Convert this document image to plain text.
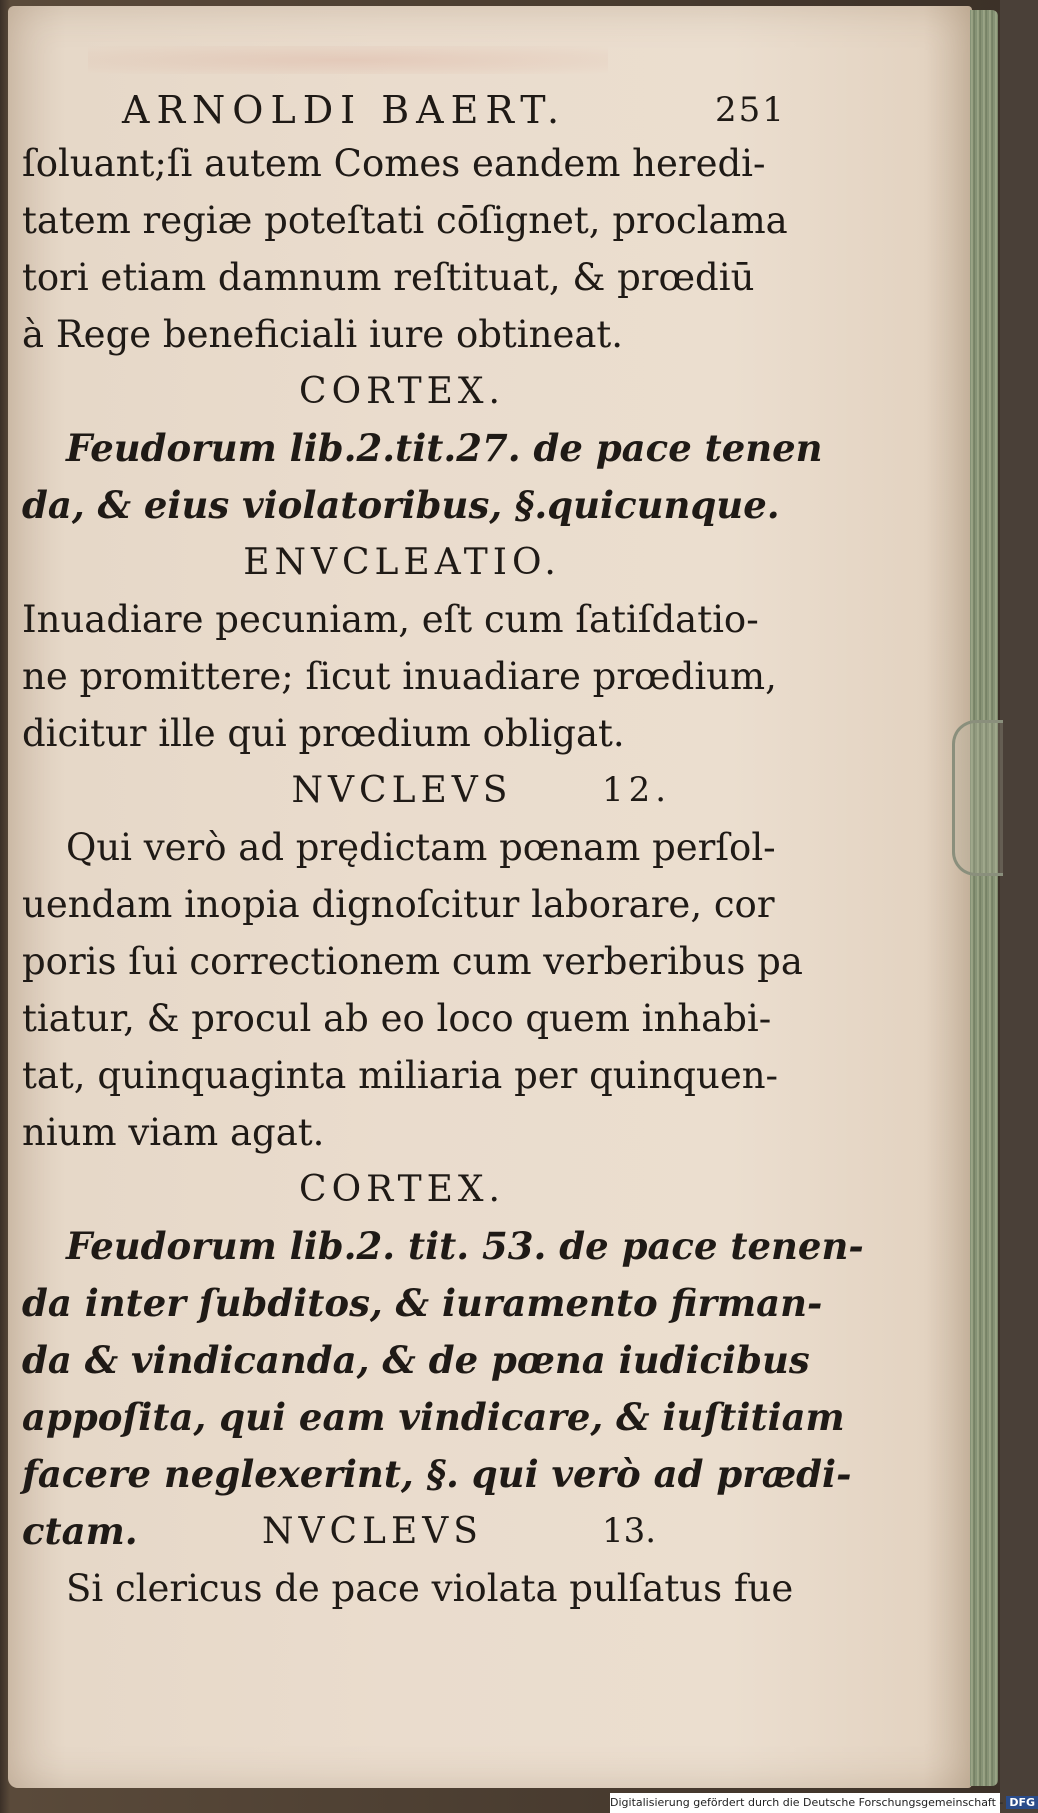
ARNOLDI BAERT.	251
ſoluant;ſi autem Comes eandem heredi-
tatem regiæ poteſtati cōſignet, proclama
tori etiam damnum reſtituat, & prœdiū
à Rege beneficiali iure obtineat.
CORTEX.
Feudorum lib.2.tit.27. de pace tenen
da, & eius violatoribus, §.quicunque.
ENVCLEATIO.
Inuadiare pecuniam, eſt cum ſatiſdatio-
ne promittere; ſicut inuadiare prœdium,
dicitur ille qui prœdium obligat.
NVCLEVS	12.
Qui verò ad prędictam pœnam perſol-
uendam inopia dignoſcitur laborare, cor
poris ſui correctionem cum verberibus pa
tiatur, & procul ab eo loco quem inhabi-
tat, quinquaginta miliaria per quinquen-
nium viam agat.
CORTEX.
Feudorum lib.2. tit. 53. de pace tenen-
da inter ſubditos, & iuramento firman-
da & vindicanda, & de pœna iudicibus
appoſita, qui eam vindicare, & iuſtitiam
facere neglexerint, §. qui verò ad prædi-
ctam.	NVCLEVS	13.
Si clericus de pace violata pulſatus fue
Digitalisierung gefördert durch die Deutsche Forschungsgemeinschaft - DFG
